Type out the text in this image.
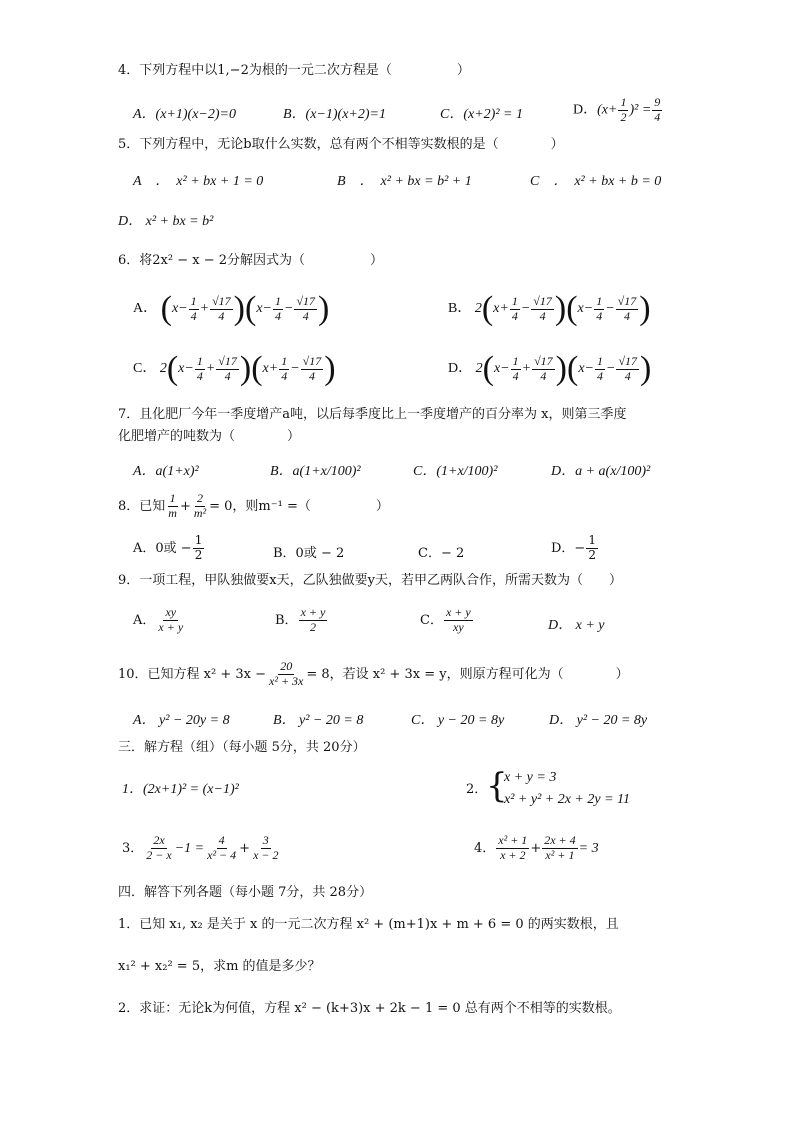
4．下列方程中以1,−2为根的一元二次方程是（　　　　　）
A．(x+1)(x−2)=0	B．(x−1)(x+2)=1	C．(x+2)² = 1	D．$(x+ \frac{1}{2} )^2 = \frac{9}{4}$
5．下列方程中，无论b取什么实数，总有两个不相等实数根的是（　　　　）
A　．　x² + bx + 1 = 0	B　．　x² + bx = b² + 1	C　．　x² + bx + b = 0
D． x² + bx = b²
6．将2x² − x − 2分解因式为（　　　　　）
A． $(x- \frac{1}{4} + \frac{√17}{4} )(x- \frac{1}{4} - \frac{√17}{4}$ )	B． $2(x+ \frac{1}{4} - \frac{√17}{4} )(x- \frac{1}{4} - \frac{√17}{4}$ )
C． $2(x- \frac{1}{4} + \frac{√17}{4} )(x+ \frac{1}{4} - \frac{√17}{4}$ )	D． $2(x- \frac{1}{4} + \frac{√17}{4} )(x- \frac{1}{4} - \frac{√17}{4}$ )
7．且化肥厂今年一季度增产a吨，以后每季度比上一季度增产的百分率为 x，则第三季度
化肥增产的吨数为（　　　　）
A．a(1+x)²	B．a(1+x/100)²	C．(1+x/100)²	D．a + a(x/100)²
8．已知 $\frac{1}{m} + \frac{2}{\text{m²}} = 0$，则m⁻¹ =（　　　　　）
A．0或 − $\frac{1}{2}$	B．0或 − 2	C．− 2	D．− $\frac{1}{2}$
9．一项工程，甲队独做要x天，乙队独做要y天，若甲乙两队合作，所需天数为（　　）
A． $\frac{xy}{x + y}$	B． $\frac{x + y}{2}$	C． $\frac{x + y}{xy}$	D． x + y
10．已知方程 $x^2 + 3x - \frac{20}{\text{x² + 3x}} = 8$，若设 x² + 3x = y，则原方程可化为（　　　　）
A． y² − 20y = 8	B． y² − 20 = 8	C． y − 20 = 8y	D． y² − 20 = 8y
三．解方程（组）（每小题 5分，共 20分）
1．(2x+1)² = (x−1)²	2．
{
x + y = 3
x² + y² + 2x + 2y = 11
3． $\frac{2x}{2 - x} -1 = \frac{4}{\text{x² − 4}} + \frac{3}{x - 2}$	4． $\frac{\text{x² + 1}}{x + 2} + \frac{2x + 4}{\text{x² + 1}} = 3$
四．解答下列各题（每小题 7分，共 28分）
1．已知 x₁, x₂ 是关于 x 的一元二次方程 x² + (m+1)x + m + 6 = 0 的两实数根，且
x₁² + x₂² = 5，求m 的值是多少？
2．求证：无论k为何值，方程 x² − (k+3)x + 2k − 1 = 0 总有两个不相等的实数根。
